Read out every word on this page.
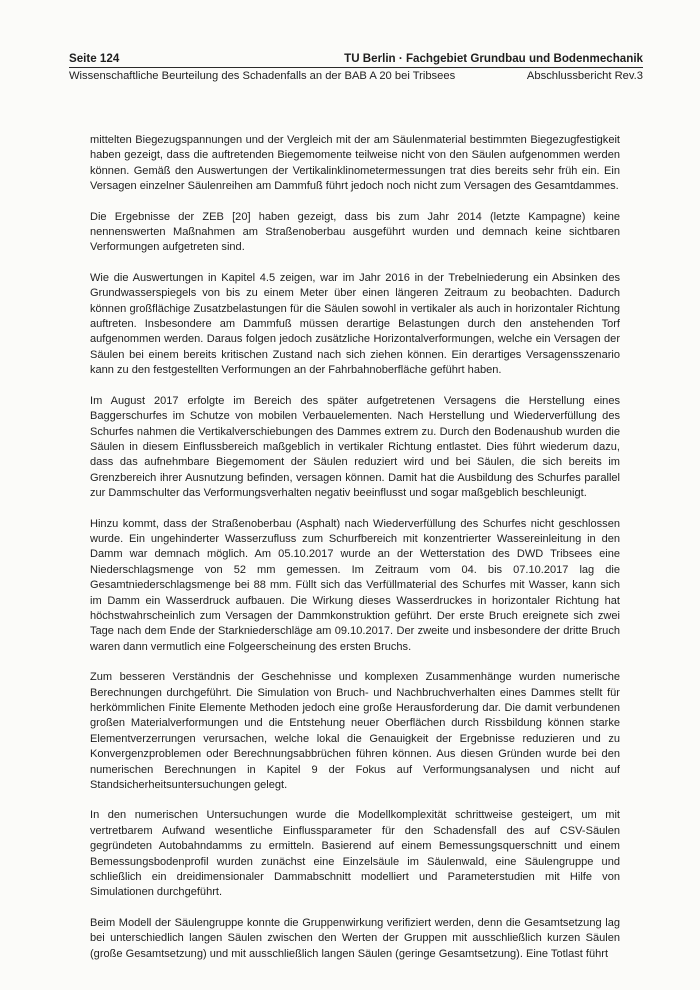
Seite 124	TU Berlin · Fachgebiet Grundbau und Bodenmechanik
Wissenschaftliche Beurteilung des Schadenfalls an der BAB A 20 bei Tribsees	Abschlussbericht Rev.3

mittelten Biegezugspannungen und der Vergleich mit der am Säulenmaterial bestimmten Biegezugfestigkeit haben gezeigt, dass die auftretenden Biegemomente teilweise nicht von den Säulen aufgenommen werden können. Gemäß den Auswertungen der Vertikalinklinometermessungen trat dies bereits sehr früh ein. Ein Versagen einzelner Säulenreihen am Dammfuß führt jedoch noch nicht zum Versagen des Gesamtdammes.

Die Ergebnisse der ZEB [20] haben gezeigt, dass bis zum Jahr 2014 (letzte Kampagne) keine nennenswerten Maßnahmen am Straßenoberbau ausgeführt wurden und demnach keine sichtbaren Verformungen aufgetreten sind.

Wie die Auswertungen in Kapitel 4.5 zeigen, war im Jahr 2016 in der Trebelniederung ein Absinken des Grundwasserspiegels von bis zu einem Meter über einen längeren Zeitraum zu beobachten. Dadurch können großflächige Zusatzbelastungen für die Säulen sowohl in vertikaler als auch in horizontaler Richtung auftreten. Insbesondere am Dammfuß müssen derartige Belastungen durch den anstehenden Torf aufgenommen werden. Daraus folgen jedoch zusätzliche Horizontalverformungen, welche ein Versagen der Säulen bei einem bereits kritischen Zustand nach sich ziehen können. Ein derartiges Versagensszenario kann zu den festgestellten Verformungen an der Fahrbahnoberfläche geführt haben.

Im August 2017 erfolgte im Bereich des später aufgetretenen Versagens die Herstellung eines Baggerschurfes im Schutze von mobilen Verbauelementen. Nach Herstellung und Wiederverfüllung des Schurfes nahmen die Vertikalverschiebungen des Dammes extrem zu. Durch den Bodenaushub wurden die Säulen in diesem Einflussbereich maßgeblich in vertikaler Richtung entlastet. Dies führt wiederum dazu, dass das aufnehmbare Biegemoment der Säulen reduziert wird und bei Säulen, die sich bereits im Grenzbereich ihrer Ausnutzung befinden, versagen können. Damit hat die Ausbildung des Schurfes parallel zur Dammschulter das Verformungsverhalten negativ beeinflusst und sogar maßgeblich beschleunigt.

Hinzu kommt, dass der Straßenoberbau (Asphalt) nach Wiederverfüllung des Schurfes nicht geschlossen wurde. Ein ungehinderter Wasserzufluss zum Schurfbereich mit konzentrierter Wassereinleitung in den Damm war demnach möglich. Am 05.10.2017 wurde an der Wetterstation des DWD Tribsees eine Niederschlagsmenge von 52 mm gemessen. Im Zeitraum vom 04. bis 07.10.2017 lag die Gesamtniederschlagsmenge bei 88 mm. Füllt sich das Verfüllmaterial des Schurfes mit Wasser, kann sich im Damm ein Wasserdruck aufbauen. Die Wirkung dieses Wasserdruckes in horizontaler Richtung hat höchstwahrscheinlich zum Versagen der Dammkonstruktion geführt. Der erste Bruch ereignete sich zwei Tage nach dem Ende der Starkniederschläge am 09.10.2017. Der zweite und insbesondere der dritte Bruch waren dann vermutlich eine Folgeerscheinung des ersten Bruchs.

Zum besseren Verständnis der Geschehnisse und komplexen Zusammenhänge wurden numerische Berechnungen durchgeführt. Die Simulation von Bruch- und Nachbruchverhalten eines Dammes stellt für herkömmlichen Finite Elemente Methoden jedoch eine große Herausforderung dar. Die damit verbundenen großen Materialverformungen und die Entstehung neuer Oberflächen durch Rissbildung können starke Elementverzerrungen verursachen, welche lokal die Genauigkeit der Ergebnisse reduzieren und zu Konvergenzproblemen oder Berechnungsabbrüchen führen können. Aus diesen Gründen wurde bei den numerischen Berechnungen in Kapitel 9 der Fokus auf Verformungsanalysen und nicht auf Standsicherheitsuntersuchungen gelegt.

In den numerischen Untersuchungen wurde die Modellkomplexität schrittweise gesteigert, um mit vertretbarem Aufwand wesentliche Einflussparameter für den Schadensfall des auf CSV-Säulen gegründeten Autobahndamms zu ermitteln. Basierend auf einem Bemessungsquerschnitt und einem Bemessungsbodenprofil wurden zunächst eine Einzelsäule im Säulenwald, eine Säulengruppe und schließlich ein dreidimensionaler Dammabschnitt modelliert und Parameterstudien mit Hilfe von Simulationen durchgeführt.

Beim Modell der Säulengruppe konnte die Gruppenwirkung verifiziert werden, denn die Gesamtsetzung lag bei unterschiedlich langen Säulen zwischen den Werten der Gruppen mit ausschließlich kurzen Säulen (große Gesamtsetzung) und mit ausschließlich langen Säulen (geringe Gesamtsetzung). Eine Totlast führt
